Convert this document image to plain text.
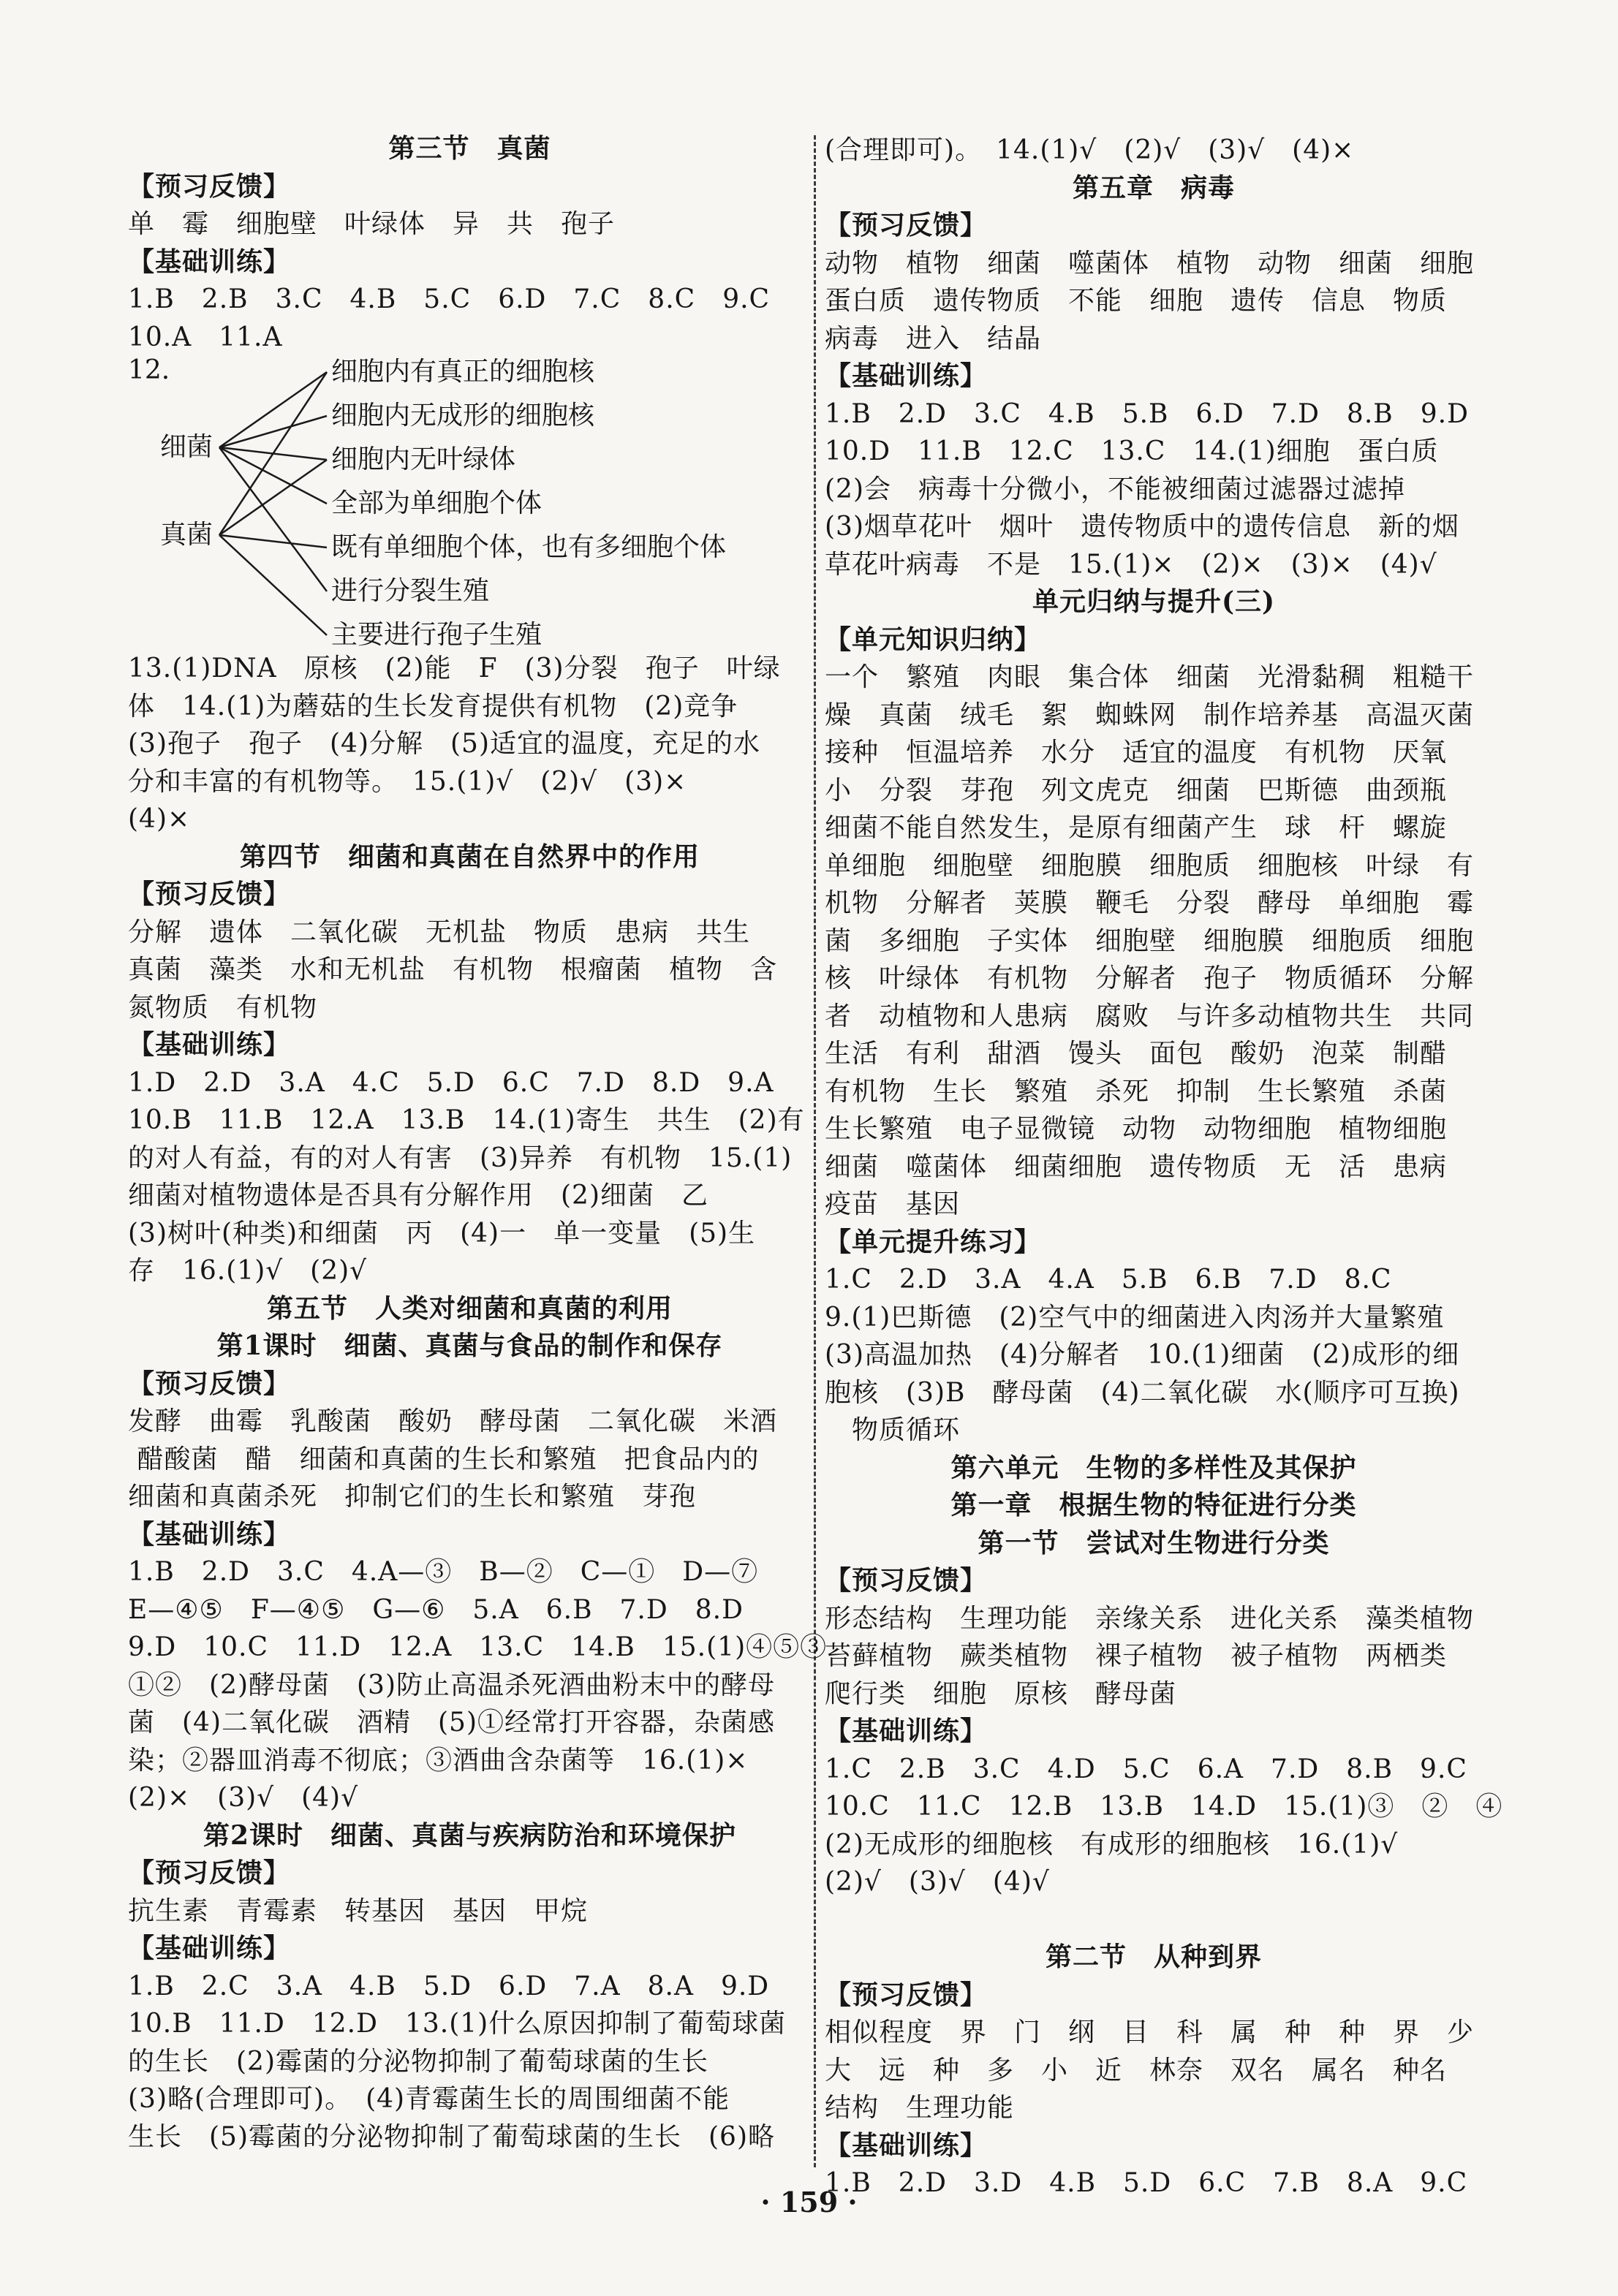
第三节　真菌
【预习反馈】
单　霉　细胞壁　叶绿体　异　共　孢子
【基础训练】
1.B　2.B　3.C　4.B　5.C　6.D　7.C　8.C　9.C
10.A　11.A
12.
细菌
真菌
细胞内有真正的细胞核
细胞内无成形的细胞核
细胞内无叶绿体
全部为单细胞个体
既有单细胞个体，也有多细胞个体
进行分裂生殖
主要进行孢子生殖
13.(1)DNA　原核　(2)能　F　(3)分裂　孢子　叶绿
体　14.(1)为蘑菇的生长发育提供有机物　(2)竞争
(3)孢子　孢子　(4)分解　(5)适宜的温度，充足的水
分和丰富的有机物等。　15.(1)√　(2)√　(3)×
(4)×
第四节　细菌和真菌在自然界中的作用
【预习反馈】
分解　遗体　二氧化碳　无机盐　物质　患病　共生
真菌　藻类　水和无机盐　有机物　根瘤菌　植物　含
氮物质　有机物
【基础训练】
1.D　2.D　3.A　4.C　5.D　6.C　7.D　8.D　9.A
10.B　11.B　12.A　13.B　14.(1)寄生　共生　(2)有
的对人有益，有的对人有害　(3)异养　有机物　15.(1)
细菌对植物遗体是否具有分解作用　(2)细菌　乙
(3)树叶(种类)和细菌　丙　(4)一　单一变量　(5)生
存　16.(1)√　(2)√
第五节　人类对细菌和真菌的利用
第1课时　细菌、真菌与食品的制作和保存
【预习反馈】
发酵　曲霉　乳酸菌　酸奶　酵母菌　二氧化碳　米酒
醋酸菌　醋　细菌和真菌的生长和繁殖　把食品内的
细菌和真菌杀死　抑制它们的生长和繁殖　芽孢
【基础训练】
1.B　2.D　3.C　4.A—③　B—②　C—①　D—⑦
E—④⑤　F—④⑤　G—⑥　5.A　6.B　7.D　8.D
9.D　10.C　11.D　12.A　13.C　14.B　15.(1)④⑤③
①②　(2)酵母菌　(3)防止高温杀死酒曲粉末中的酵母
菌　(4)二氧化碳　酒精　(5)①经常打开容器，杂菌感
染；②器皿消毒不彻底；③酒曲含杂菌等　16.(1)×
(2)×　(3)√　(4)√
第2课时　细菌、真菌与疾病防治和环境保护
【预习反馈】
抗生素　青霉素　转基因　基因　甲烷
【基础训练】
1.B　2.C　3.A　4.B　5.D　6.D　7.A　8.A　9.D
10.B　11.D　12.D　13.(1)什么原因抑制了葡萄球菌
的生长　(2)霉菌的分泌物抑制了葡萄球菌的生长
(3)略(合理即可)。　(4)青霉菌生长的周围细菌不能
生长　(5)霉菌的分泌物抑制了葡萄球菌的生长　(6)略
(合理即可)。　14.(1)√　(2)√　(3)√　(4)×
第五章　病毒
【预习反馈】
动物　植物　细菌　噬菌体　植物　动物　细菌　细胞
蛋白质　遗传物质　不能　细胞　遗传　信息　物质
病毒　进入　结晶
【基础训练】
1.B　2.D　3.C　4.B　5.B　6.D　7.D　8.B　9.D
10.D　11.B　12.C　13.C　14.(1)细胞　蛋白质
(2)会　病毒十分微小，不能被细菌过滤器过滤掉
(3)烟草花叶　烟叶　遗传物质中的遗传信息　新的烟
草花叶病毒　不是　15.(1)×　(2)×　(3)×　(4)√
单元归纳与提升(三)
【单元知识归纳】
一个　繁殖　肉眼　集合体　细菌　光滑黏稠　粗糙干
燥　真菌　绒毛　絮　蜘蛛网　制作培养基　高温灭菌
接种　恒温培养　水分　适宜的温度　有机物　厌氧
小　分裂　芽孢　列文虎克　细菌　巴斯德　曲颈瓶
细菌不能自然发生，是原有细菌产生　球　杆　螺旋
单细胞　细胞壁　细胞膜　细胞质　细胞核　叶绿　有
机物　分解者　荚膜　鞭毛　分裂　酵母　单细胞　霉
菌　多细胞　子实体　细胞壁　细胞膜　细胞质　细胞
核　叶绿体　有机物　分解者　孢子　物质循环　分解
者　动植物和人患病　腐败　与许多动植物共生　共同
生活　有利　甜酒　馒头　面包　酸奶　泡菜　制醋
有机物　生长　繁殖　杀死　抑制　生长繁殖　杀菌
生长繁殖　电子显微镜　动物　动物细胞　植物细胞
细菌　噬菌体　细菌细胞　遗传物质　无　活　患病
疫苗　基因
【单元提升练习】
1.C　2.D　3.A　4.A　5.B　6.B　7.D　8.C
9.(1)巴斯德　(2)空气中的细菌进入肉汤并大量繁殖
(3)高温加热　(4)分解者　10.(1)细菌　(2)成形的细
胞核　(3)B　酵母菌　(4)二氧化碳　水(顺序可互换)
　物质循环
第六单元　生物的多样性及其保护
第一章　根据生物的特征进行分类
第一节　尝试对生物进行分类
【预习反馈】
形态结构　生理功能　亲缘关系　进化关系　藻类植物
苔藓植物　蕨类植物　裸子植物　被子植物　两栖类
爬行类　细胞　原核　酵母菌
【基础训练】
1.C　2.B　3.C　4.D　5.C　6.A　7.D　8.B　9.C
10.C　11.C　12.B　13.B　14.D　15.(1)③　②　④
(2)无成形的细胞核　有成形的细胞核　16.(1)√
(2)√　(3)√　(4)√

第二节　从种到界
【预习反馈】
相似程度　界　门　纲　目　科　属　种　种　界　少
大　远　种　多　小　近　林奈　双名　属名　种名
结构　生理功能
【基础训练】
1.B　2.D　3.D　4.B　5.D　6.C　7.B　8.A　9.C
· 159 ·
